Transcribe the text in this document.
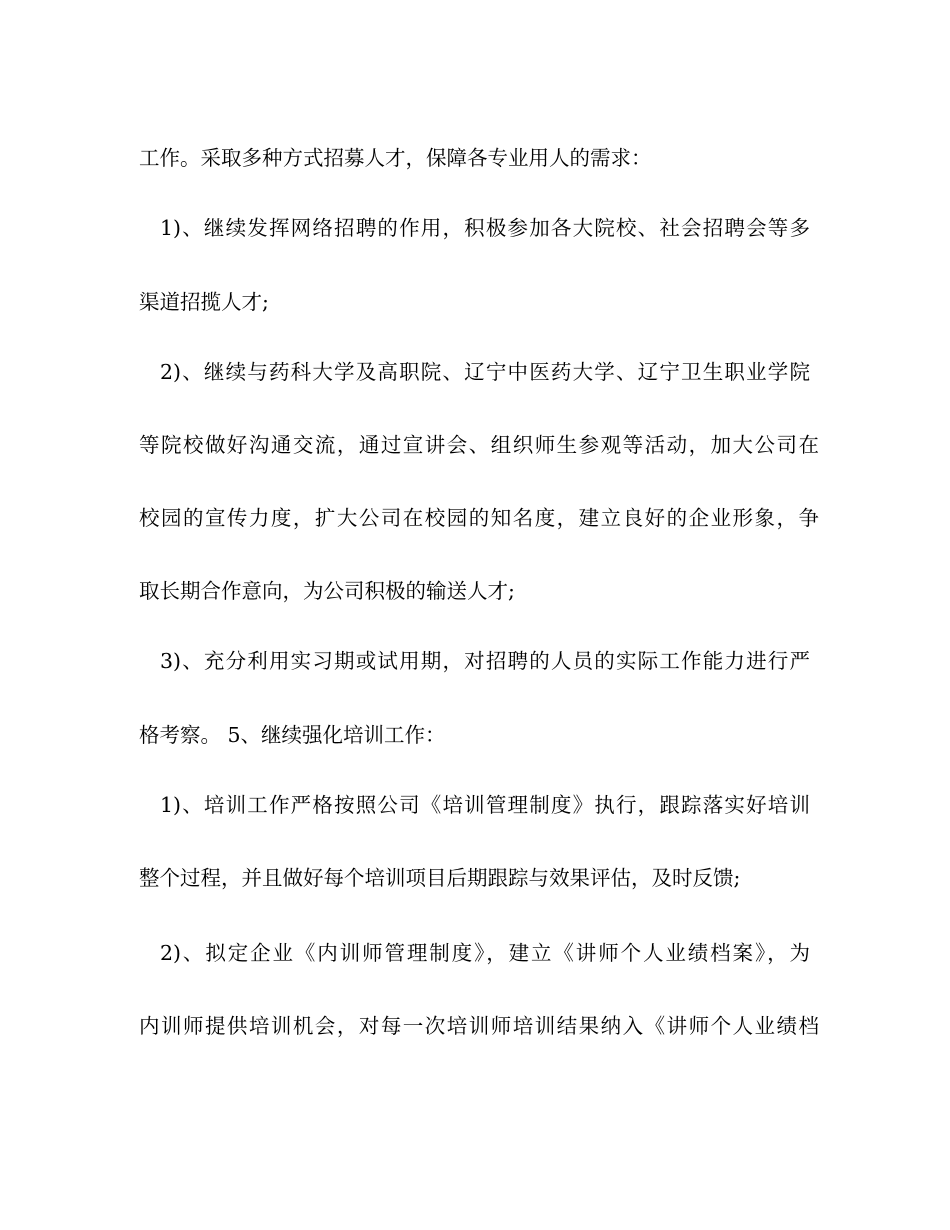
工作。采取多种方式招募人才，保障各专业用人的需求：
1)、继续发挥网络招聘的作用，积极参加各大院校、社会招聘会等多
渠道招揽人才;
2)、继续与药科大学及高职院、辽宁中医药大学、辽宁卫生职业学院
等院校做好沟通交流，通过宣讲会、组织师生参观等活动，加大公司在
校园的宣传力度，扩大公司在校园的知名度，建立良好的企业形象，争
取长期合作意向，为公司积极的输送人才;
3)、充分利用实习期或试用期，对招聘的人员的实际工作能力进行严
格考察。 5、继续强化培训工作：
1)、培训工作严格按照公司《培训管理制度》执行，跟踪落实好培训
整个过程，并且做好每个培训项目后期跟踪与效果评估，及时反馈;
2)、拟定企业《内训师管理制度》，建立《讲师个人业绩档案》，为
内训师提供培训机会，对每一次培训师培训结果纳入《讲师个人业绩档
